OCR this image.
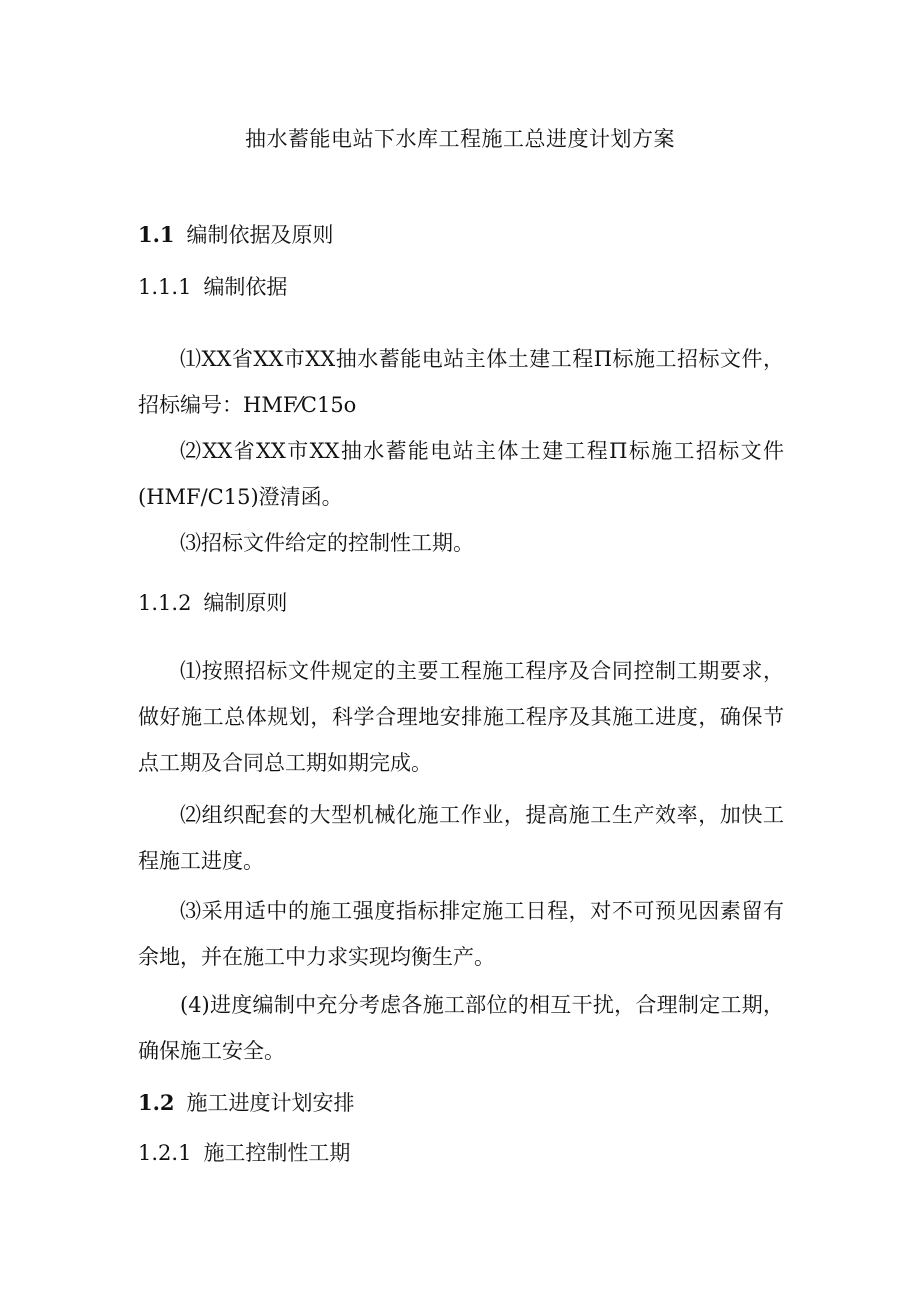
抽水蓄能电站下水库工程施工总进度计划方案
1.1 编制依据及原则
1.1.1 编制依据

⑴XX省XX市XX抽水蓄能电站主体土建工程Π标施工招标文件，招标编号：HMF⁄C15o

⑵XX省XX市XX抽水蓄能电站主体土建工程Π标施工招标文件(HMF/C15)澄清函。

⑶招标文件给定的控制性工期。

1.1.2 编制原则

⑴按照招标文件规定的主要工程施工程序及合同控制工期要求，做好施工总体规划，科学合理地安排施工程序及其施工进度，确保节点工期及合同总工期如期完成。

⑵组织配套的大型机械化施工作业，提高施工生产效率，加快工程施工进度。

⑶采用适中的施工强度指标排定施工日程，对不可预见因素留有余地，并在施工中力求实现均衡生产。

(4)进度编制中充分考虑各施工部位的相互干扰，合理制定工期，确保施工安全。

1.2 施工进度计划安排
1.2.1 施工控制性工期
